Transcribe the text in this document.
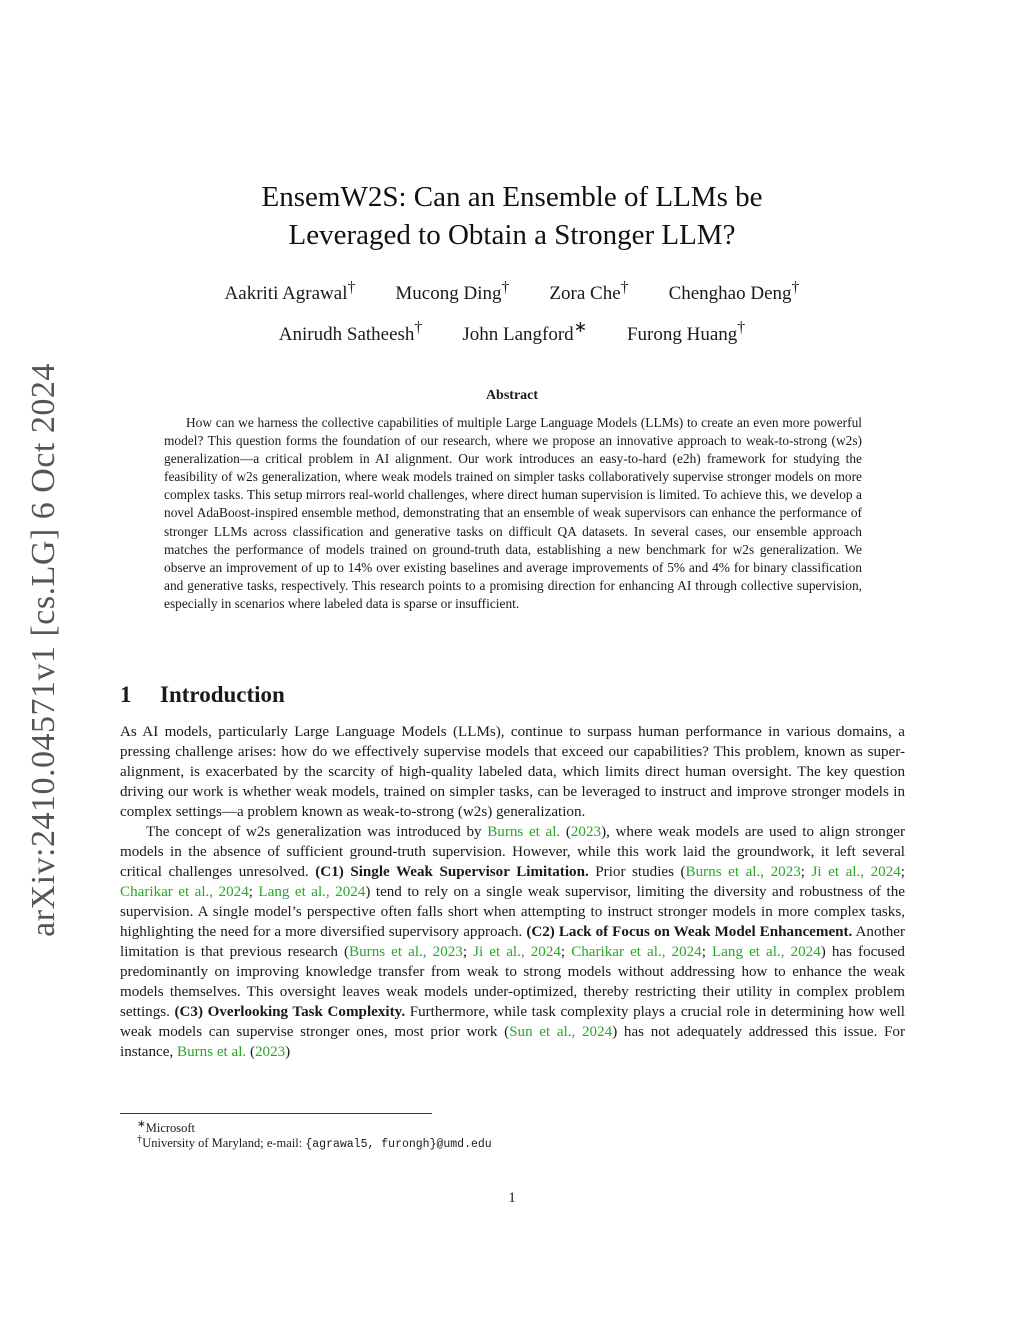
arXiv:2410.04571v1 [cs.LG] 6 Oct 2024
EnsemW2S: Can an Ensemble of LLMs be
Leveraged to Obtain a Stronger LLM?
Aakriti Agrawal† Mucong Ding† Zora Che† Chenghao Deng†
Anirudh Satheesh† John Langford∗ Furong Huang†
Abstract

How can we harness the collective capabilities of multiple Large Language Models (LLMs) to create an even more powerful model? This question forms the foundation of our research, where we propose an innovative approach to weak-to-strong (w2s) generalization—a critical problem in AI alignment. Our work introduces an easy-to-hard (e2h) framework for studying the feasibility of w2s generalization, where weak models trained on simpler tasks collaboratively supervise stronger models on more complex tasks. This setup mirrors real-world challenges, where direct human supervision is limited. To achieve this, we develop a novel AdaBoost-inspired ensemble method, demonstrating that an ensemble of weak supervisors can enhance the performance of stronger LLMs across classification and generative tasks on difficult QA datasets. In several cases, our ensemble approach matches the performance of models trained on ground-truth data, establishing a new benchmark for w2s generalization. We observe an improvement of up to 14% over existing baselines and average improvements of 5% and 4% for binary classification and generative tasks, respectively. This research points to a promising direction for enhancing AI through collective supervision, especially in scenarios where labeled data is sparse or insufficient.

1 Introduction

As AI models, particularly Large Language Models (LLMs), continue to surpass human performance in various domains, a pressing challenge arises: how do we effectively supervise models that exceed our capabilities? This problem, known as super-alignment, is exacerbated by the scarcity of high-quality labeled data, which limits direct human oversight. The key question driving our work is whether weak models, trained on simpler tasks, can be leveraged to instruct and improve stronger models in complex settings—a problem known as weak-to-strong (w2s) generalization.

The concept of w2s generalization was introduced by Burns et al. (2023), where weak models are used to align stronger models in the absence of sufficient ground-truth supervision. However, while this work laid the groundwork, it left several critical challenges unresolved. (C1) Single Weak Supervisor Limitation. Prior studies (Burns et al., 2023; Ji et al., 2024; Charikar et al., 2024; Lang et al., 2024) tend to rely on a single weak supervisor, limiting the diversity and robustness of the supervision. A single model’s perspective often falls short when attempting to instruct stronger models in more complex tasks, highlighting the need for a more diversified supervisory approach. (C2) Lack of Focus on Weak Model Enhancement. Another limitation is that previous research (Burns et al., 2023; Ji et al., 2024; Charikar et al., 2024; Lang et al., 2024) has focused predominantly on improving knowledge transfer from weak to strong models without addressing how to enhance the weak models themselves. This oversight leaves weak models under-optimized, thereby restricting their utility in complex problem settings. (C3) Overlooking Task Complexity. Furthermore, while task complexity plays a crucial role in determining how well weak models can supervise stronger ones, most prior work (Sun et al., 2024) has not adequately addressed this issue. For instance, Burns et al. (2023)

∗Microsoft
†University of Maryland; e-mail: {agrawal5, furongh}@umd.edu
1
